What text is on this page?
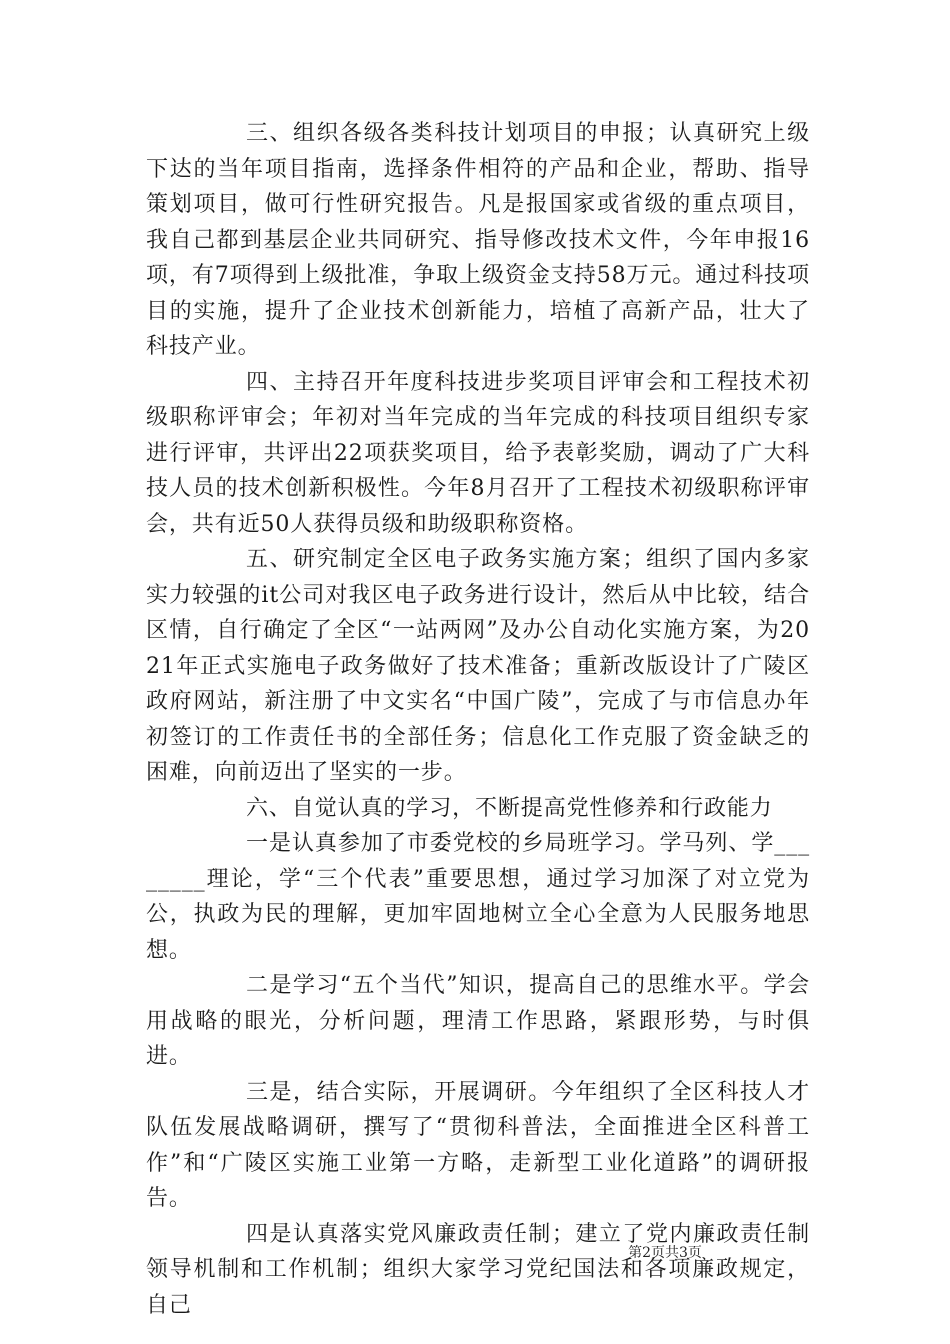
三、组织各级各类科技计划项目的申报；认真研究上级下达的当年项目指南，选择条件相符的产品和企业，帮助、指导策划项目，做可行性研究报告。凡是报国家或省级的重点项目，我自己都到基层企业共同研究、指导修改技术文件，今年申报16项，有7项得到上级批准，争取上级资金支持58万元。通过科技项目的实施，提升了企业技术创新能力，培植了高新产品，壮大了科技产业。

四、主持召开年度科技进步奖项目评审会和工程技术初级职称评审会；年初对当年完成的当年完成的科技项目组织专家进行评审，共评出22项获奖项目，给予表彰奖励，调动了广大科技人员的技术创新积极性。今年8月召开了工程技术初级职称评审会，共有近50人获得员级和助级职称资格。

五、研究制定全区电子政务实施方案；组织了国内多家实力较强的it公司对我区电子政务进行设计，然后从中比较，结合区情，自行确定了全区“一站两网”及办公自动化实施方案，为2021年正式实施电子政务做好了技术准备；重新改版设计了广陵区政府网站，新注册了中文实名“中国广陵”，完成了与市信息办年初签订的工作责任书的全部任务；信息化工作克服了资金缺乏的困难，向前迈出了坚实的一步。

六、自觉认真的学习，不断提高党性修养和行政能力

一是认真参加了市委党校的乡局班学习。学马列、学________理论，学“三个代表”重要思想，通过学习加深了对立党为公，执政为民的理解，更加牢固地树立全心全意为人民服务地思想。

二是学习“五个当代”知识，提高自己的思维水平。学会用战略的眼光，分析问题，理清工作思路，紧跟形势，与时俱进。

三是，结合实际，开展调研。今年组织了全区科技人才队伍发展战略调研，撰写了“贯彻科普法，全面推进全区科普工作”和“广陵区实施工业第一方略，走新型工业化道路”的调研报告。

四是认真落实党风廉政责任制；建立了党内廉政责任制领导机制和工作机制；组织大家学习党纪国法和各项廉政规定，自己

第2页共3页
